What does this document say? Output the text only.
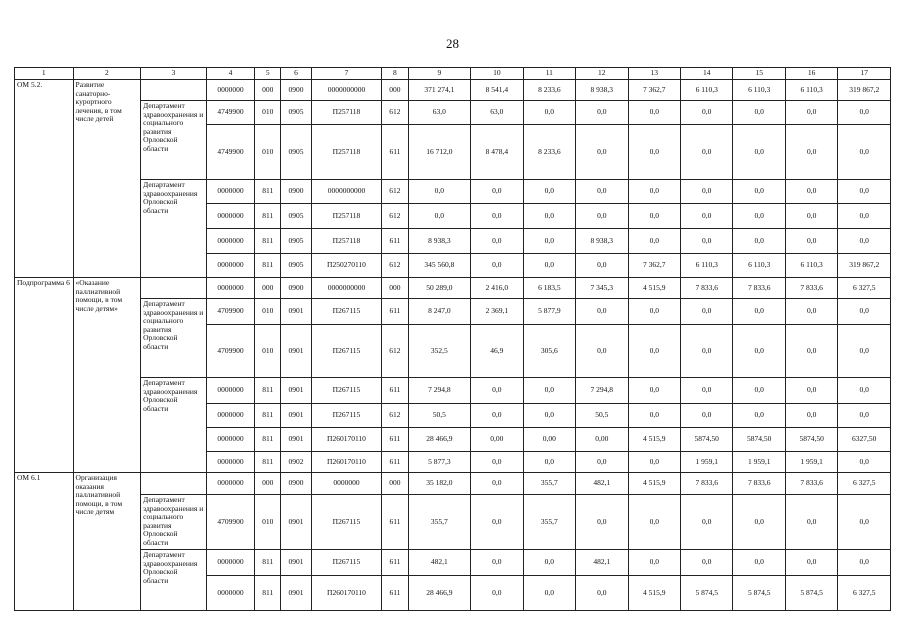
28
1	2	3	4	5	6	7	8	9	10	11	12	13	14	15	16	17
ОМ 5.2.	Развитие санаторно-курортного лечения, в том числе детей		0000000	000	0900	0000000000	000	371 274,1	8 541,4	8 233,6	8 938,3	7 362,7	6 110,3	6 110,3	6 110,3	319 867,2
		Департамент здравоохранения и социального развития Орловской области	4749900	010	0905	П257118	612	63,0	63,0	0,0	0,0	0,0	0,0	0,0	0,0	0,0
			4749900	010	0905	П257118	611	16 712,0	8 478,4	8 233,6	0,0	0,0	0,0	0,0	0,0	0,0
		Департамент здравоохранения Орловской области	0000000	811	0900	0000000000	612	0,0	0,0	0,0	0,0	0,0	0,0	0,0	0,0	0,0
			0000000	811	0905	П257118	612	0,0	0,0	0,0	0,0	0,0	0,0	0,0	0,0	0,0
			0000000	811	0905	П257118	611	8 938,3	0,0	0,0	8 938,3	0,0	0,0	0,0	0,0	0,0
			0000000	811	0905	П250270110	612	345 560,8	0,0	0,0	0,0	7 362,7	6 110,3	6 110,3	6 110,3	319 867,2
Подпрограмма 6	«Оказание паллиативной помощи, в том числе детям»		0000000	000	0900	0000000000	000	50 289,0	2 416,0	6 183,5	7 345,3	4 515,9	7 833,6	7 833,6	7 833,6	6 327,5
		Департамент здравоохранения и социального развития Орловской области	4709900	010	0901	П267115	611	8 247,0	2 369,1	5 877,9	0,0	0,0	0,0	0,0	0,0	0,0
			4709900	010	0901	П267115	612	352,5	46,9	305,6	0,0	0,0	0,0	0,0	0,0	0,0
		Департамент здравоохранения Орловской области	0000000	811	0901	П267115	611	7 294,8	0,0	0,0	7 294,8	0,0	0,0	0,0	0,0	0,0
			0000000	811	0901	П267115	612	50,5	0,0	0,0	50,5	0,0	0,0	0,0	0,0	0,0
			0000000	811	0901	П260170110	611	28 466,9	0,00	0,00	0,00	4 515,9	5874,50	5874,50	5874,50	6327,50
			0000000	811	0902	П260170110	611	5 877,3	0,0	0,0	0,0	0,0	1 959,1	1 959,1	1 959,1	0,0
ОМ 6.1	Организация оказания паллиативной помощи, в том числе детям		0000000	000	0900	0000000	000	35 182,0	0,0	355,7	482,1	4 515,9	7 833,6	7 833,6	7 833,6	6 327,5
		Департамент здравоохранения и социального развития Орловской области	4709900	010	0901	П267115	611	355,7	0,0	355,7	0,0	0,0	0,0	0,0	0,0	0,0
		Департамент здравоохранения Орловской области	0000000	811	0901	П267115	611	482,1	0,0	0,0	482,1	0,0	0,0	0,0	0,0	0,0
			0000000	811	0901	П260170110	611	28 466,9	0,0	0,0	0,0	4 515,9	5 874,5	5 874,5	5 874,5	6 327,5
